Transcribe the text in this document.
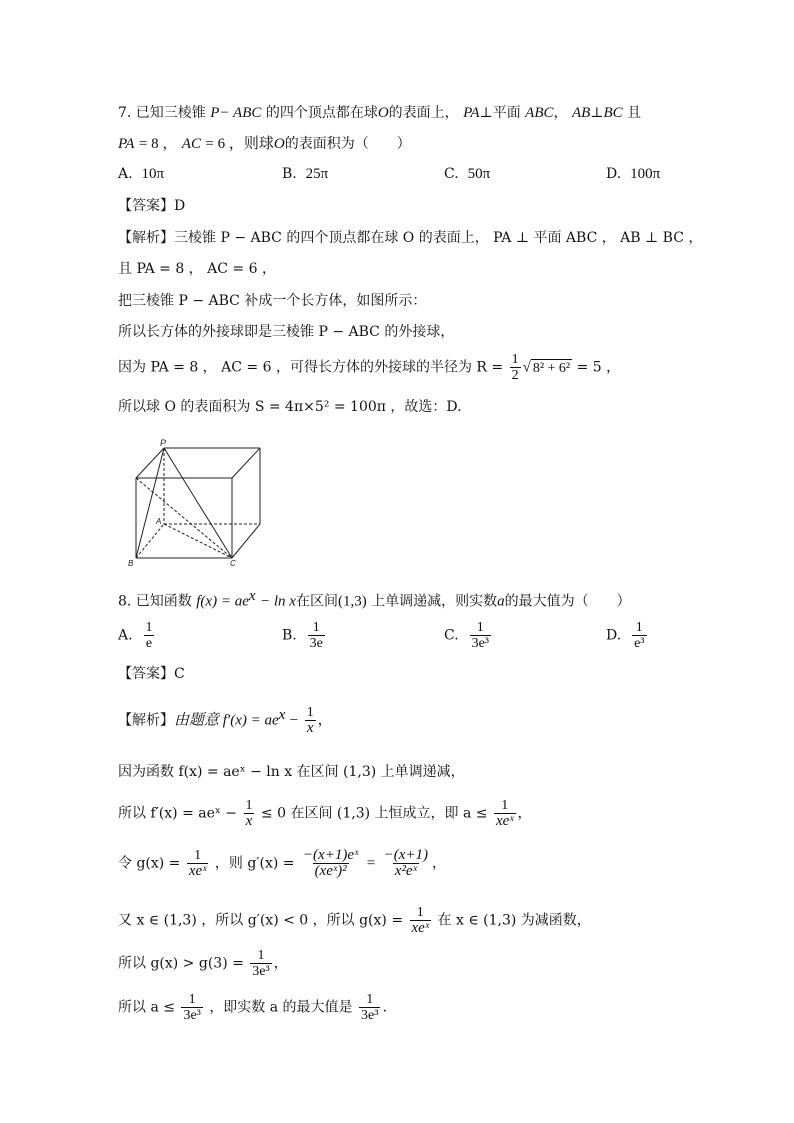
7. 已知三棱锥 P− ABC 的四个顶点都在球O的表面上， PA⊥平面 ABC， AB⊥BC 且
PA = 8 ， AC = 6 ，则球O的表面积为（　　）
A. 10π	B. 25π	C. 50π	D. 100π
【答案】D
【解析】三棱锥 P − ABC 的四个顶点都在球 O 的表面上， PA ⊥ 平面 ABC ， AB ⊥ BC ，
且 PA = 8 ， AC = 6 ，
把三棱锥 P − ABC 补成一个长方体，如图所示：
所以长方体的外接球即是三棱锥 P − ABC 的外接球，
因为 PA = 8 ， AC = 6 ，可得长方体的外接球的半径为 $R = \frac{1}{2}$ √ 8² + 6² = 5 ，
所以球 O 的表面积为 S = 4π×5² = 100π ，故选：D.
P
A
B	C
8. 已知函数 $f(x) = ae^x - \ln x$在区间(1,3) 上单调递减，则实数a的最大值为（　　）
A. $\frac{1}{e}$	B. $\frac{1}{3e}$	C. $\frac{1}{\text{3e³}}$	D. $\frac{1}{\text{e³}}$
【答案】C
【解析】由题意 $f'(x) = ae^x - \frac{1}{x}$ ，
因为函数 f(x) = aeˣ − ln x 在区间 (1,3) 上单调递减，
所以 f′(x) = aeˣ − $\frac{1}{x} \le 0$ 在区间 (1,3) 上恒成立，即 $a \le \frac{1}{\text{xeˣ}}$ ，
令 $g(x) = \frac{1}{\text{xeˣ}}$ ，则 $g'(x) = \frac{\text{−(x+1)eˣ}}{\text{(xeˣ)²}} = \frac{-(x+1)}{\text{x²eˣ}}$ ，
又 x ∈ (1,3) ，所以 g′(x) < 0 ，所以 $g(x) = \frac{1}{\text{xeˣ}}$ 在 x ∈ (1,3) 为减函数，
所以 $g(x) > g(3) = \frac{1}{\text{3e³}}$ ，
所以 $a \le \frac{1}{\text{3e³}}$ ，即实数 a 的最大值是 $\frac{1}{\text{3e³}}$ .
